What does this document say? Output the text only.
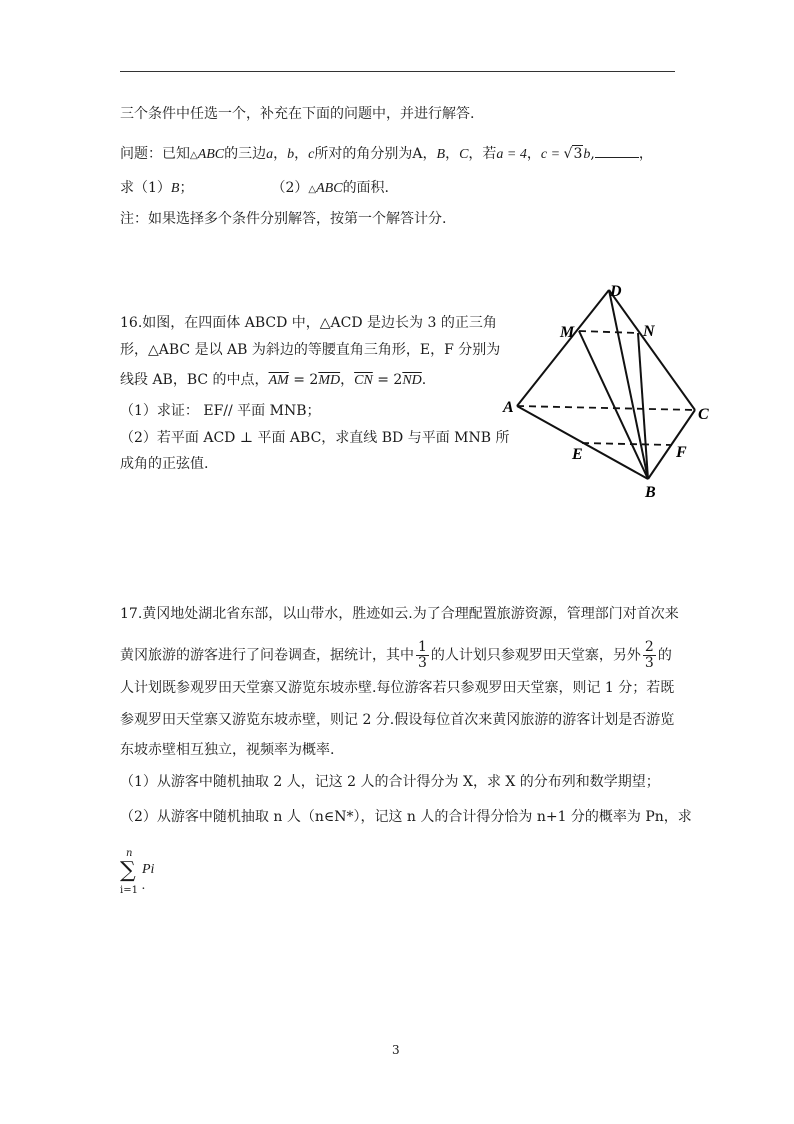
三个条件中任选一个，补充在下面的问题中，并进行解答.
问题：已知△ABC的三边a，b，c所对的角分别为A，B，C，若a = 4，c = √3b,	，
求（1）B；	（2）△ABC的面积.
注：如果选择多个条件分别解答，按第一个解答计分.
16.如图，在四面体 ABCD 中，△ACD 是边长为 3 的正三角
形，△ABC 是以 AB 为斜边的等腰直角三角形，E，F 分别为
线段 AB，BC 的中点，$\overline{AM} = 2\overline{MD}$，$\overline{CN} = 2\overline{ND}$.
（1）求证： EF// 平面 MNB；
（2）若平面 ACD ⊥ 平面 ABC，求直线 BD 与平面 MNB 所
成角的正弦值.
D
M	N
A	C
E	F
B
17.黄冈地处湖北省东部，以山带水，胜迹如云.为了合理配置旅游资源，管理部门对首次来
黄冈旅游的游客进行了问卷调查，据统计，其中 $\frac{1}{3}$ 的人计划只参观罗田天堂寨，另外 $\frac{2}{3}$ 的
人计划既参观罗田天堂寨又游览东坡赤壁.每位游客若只参观罗田天堂寨，则记 1 分；若既
参观罗田天堂寨又游览东坡赤壁，则记 2 分.假设每位首次来黄冈旅游的游客计划是否游览
东坡赤壁相互独立，视频率为概率.
（1）从游客中随机抽取 2 人，记这 2 人的合计得分为 X，求 X 的分布列和数学期望；
（2）从游客中随机抽取 n 人（n∈N*），记这 n 人的合计得分恰为 n+1 分的概率为 Pn，求
n
∑
i=1
Pi .
3
